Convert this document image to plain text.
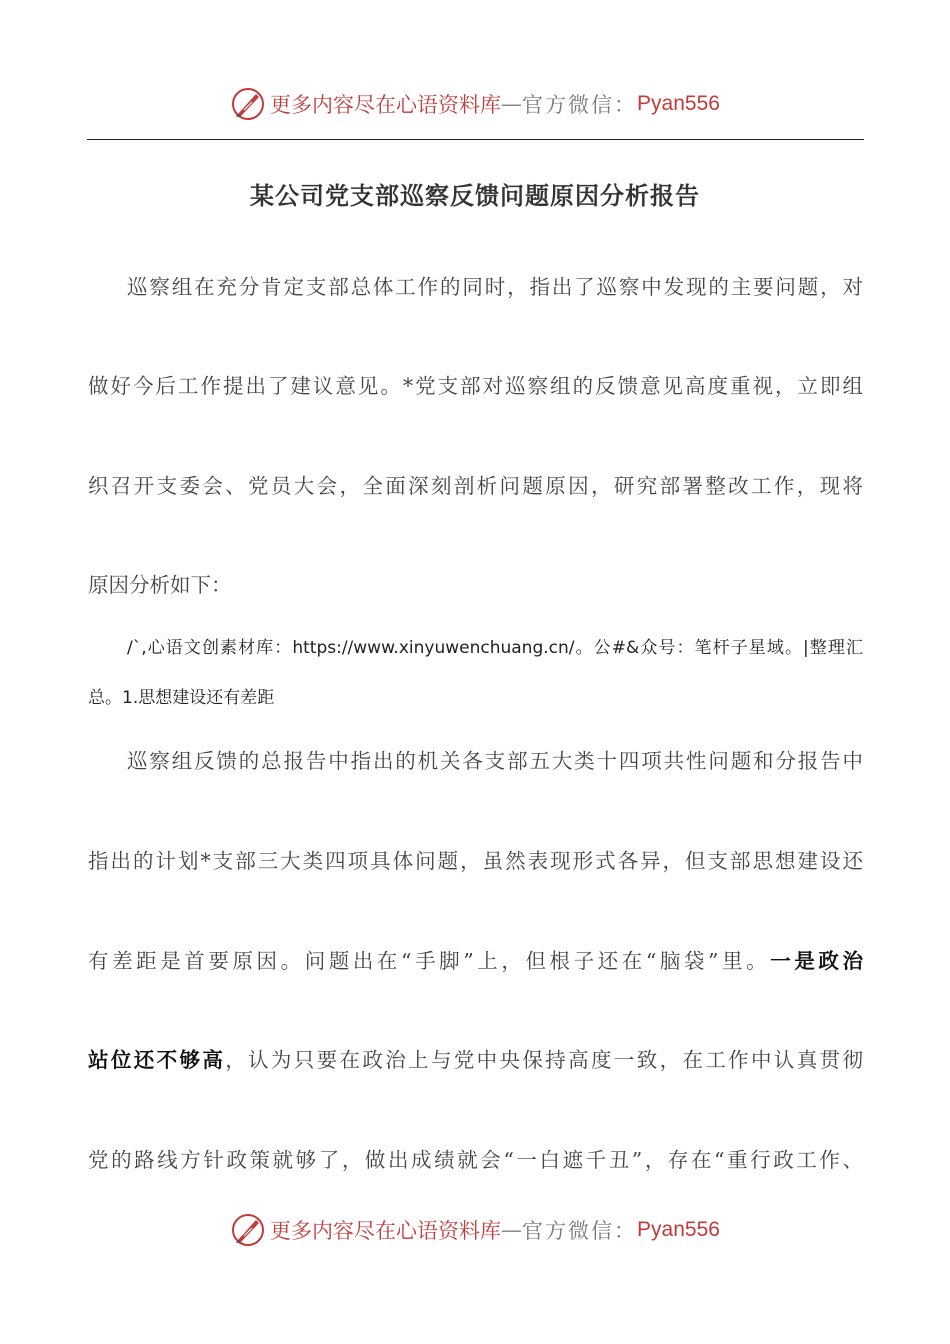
更多内容尽在心语资料库 — 官方微信： Pyan556
某公司党支部巡察反馈问题原因分析报告
巡察组在充分肯定支部总体工作的同时，指出了巡察中发现的主要问题，对
做好今后工作提出了建议意见。*党支部对巡察组的反馈意见高度重视，立即组
织召开支委会、党员大会，全面深刻剖析问题原因，研究部署整改工作，现将
原因分析如下：
/`,心语文创素材库：https://www.xinyuwenchuang.cn/。公#&众号：笔杆子星域。|整理汇
总。1.思想建设还有差距
巡察组反馈的总报告中指出的机关各支部五大类十四项共性问题和分报告中
指出的计划*支部三大类四项具体问题，虽然表现形式各异，但支部思想建设还
有差距是首要原因。问题出在“手脚”上，但根子还在“脑袋”里。一是政治
站位还不够高，认为只要在政治上与党中央保持高度一致，在工作中认真贯彻
党的路线方针政策就够了，做出成绩就会“一白遮千丑”，存在“重行政工作、
更多内容尽在心语资料库 — 官方微信： Pyan556
